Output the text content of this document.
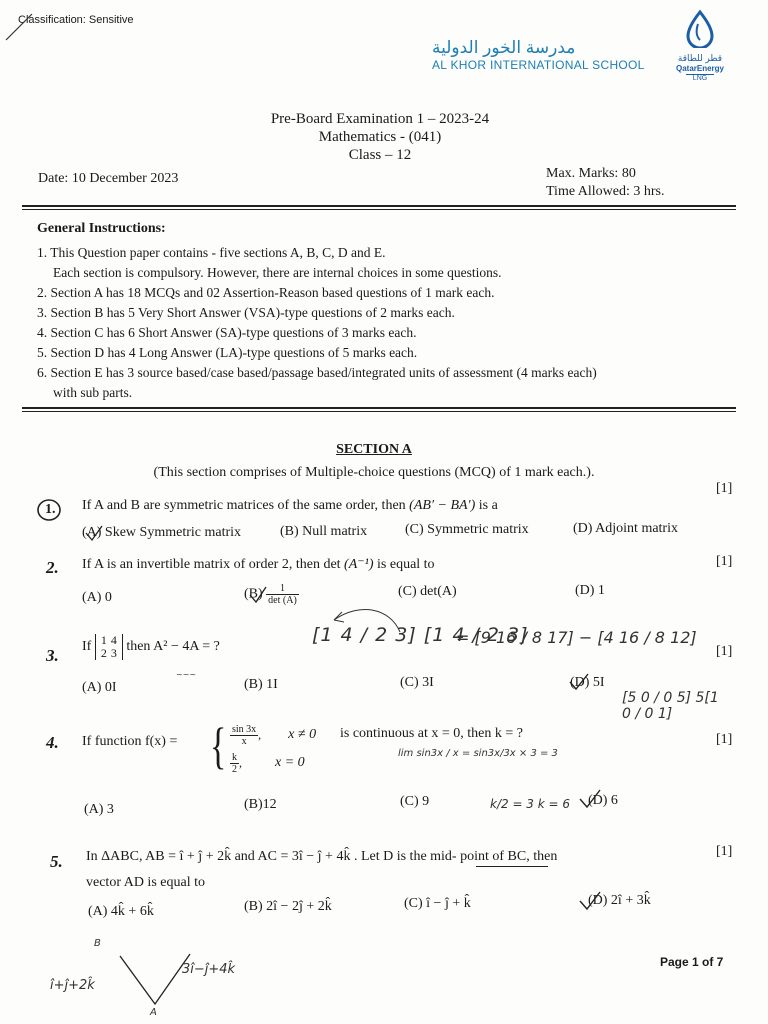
Classification: Sensitive
مدرسة الخور الدولية
AL KHOR INTERNATIONAL SCHOOL	قطر للطاقة
QatarEnergy
LNG
Pre-Board Examination 1 – 2023-24
Mathematics - (041)
Class – 12
Date: 10 December 2023	Max. Marks: 80
Time Allowed: 3 hrs.
General Instructions:
1. This Question paper contains - five sections A, B, C, D and E.
Each section is compulsory. However, there are internal choices in some questions.
2. Section A has 18 MCQs and 02 Assertion-Reason based questions of 1 mark each.
3. Section B has 5 Very Short Answer (VSA)-type questions of 2 marks each.
4. Section C has 6 Short Answer (SA)-type questions of 3 marks each.
5. Section D has 4 Long Answer (LA)-type questions of 5 marks each.
6. Section E has 3 source based/case based/passage based/integrated units of assessment (4 marks each)
with sub parts.
SECTION A
(This section comprises of Multiple-choice questions (MCQ) of 1 mark each.).
[1]
1. If A and B are symmetric matrices of the same order, then (AB′ − BA′) is a
(A) Skew Symmetric matrix	(B) Null matrix	(C) Symmetric matrix	(D) Adjoint matrix
[1]
2. If A is an invertible matrix of order 2, then det (A⁻¹) is equal to
(A) 0	(B)	1
det (A)
(C) det(A)	(D) 1
[1]
3. If 1 4
2 3 then A² − 4A = ?
(A) 0I	(B) 1I	(C) 3I	(D) 5I
~~~
[1 4 / 2 3] [1 4 / 2 3]
= [9 16 / 8 17] − [4 16 / 8 12]
[5 0 / 0 5] 5[1 0 / 0 1]
[1]
4. If function f(x) = { $\frac{\sin 3x}{x}$ , x ≠ 0
$\frac{k}{2}$ , x = 0
is continuous at x = 0, then k = ?
lim sin3x / x = sin3x/3x × 3 = 3
(A) 3	(B)12	(C) 9	k/2 = 3 k = 6 (D) 6
[1]
5. In ΔABC, AB = î + ĵ + 2k̂ and AC = 3î − ĵ + 4k̂ . Let D is the mid- point of BC, then
vector AD is equal to
(A) 4k̂ + 6k̂	(B) 2î − 2ĵ + 2k̂	(C) î − ĵ + k̂	(D) 2î + 3k̂
B
A
î+ĵ+2k̂
3î−ĵ+4k̂	Page 1 of 7
